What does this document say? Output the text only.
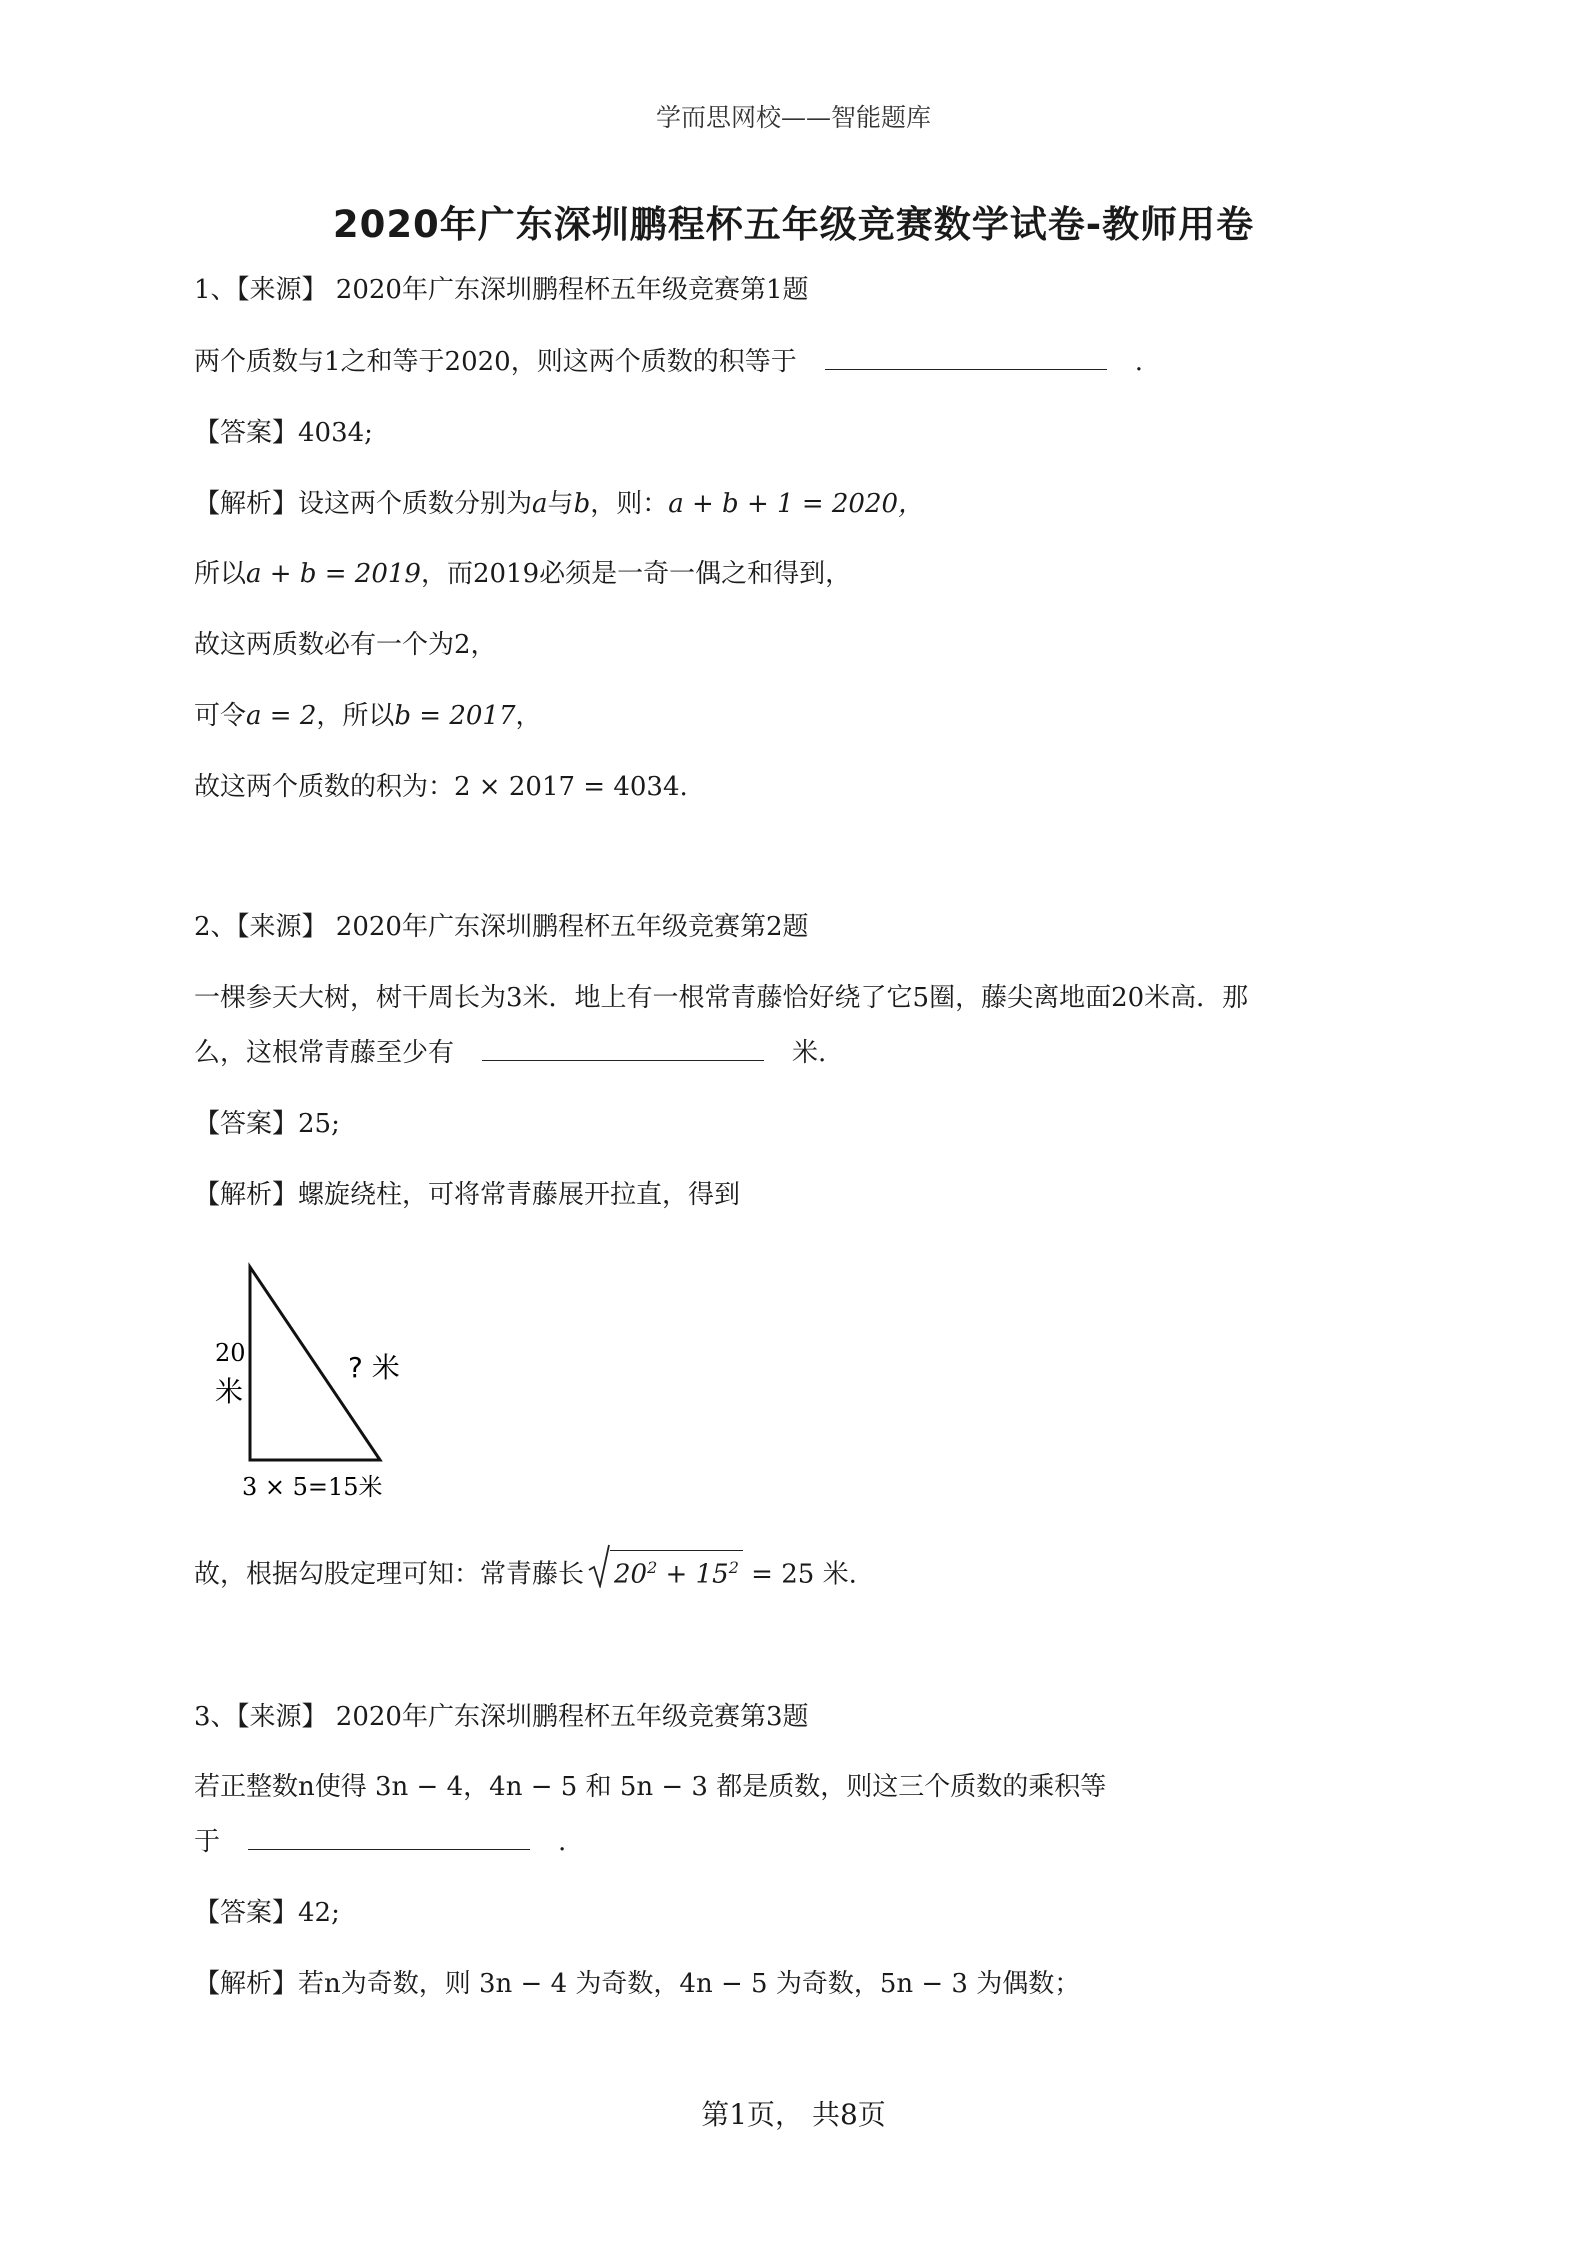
学而思网校——智能题库
2020年广东深圳鹏程杯五年级竞赛数学试卷-教师用卷
1、【来源】 2020年广东深圳鹏程杯五年级竞赛第1题
两个质数与1之和等于2020，则这两个质数的积等于	.
【答案】4034;
【解析】设这两个质数分别为a与b，则：a + b + 1 = 2020，
所以a + b = 2019，而2019必须是一奇一偶之和得到，
故这两质数必有一个为2，
可令a = 2，所以b = 2017，
故这两个质数的积为：2 × 2017 = 4034.
2、【来源】 2020年广东深圳鹏程杯五年级竞赛第2题
一棵参天大树，树干周长为3米．地上有一根常青藤恰好绕了它5圈，藤尖离地面20米高．那
么，这根常青藤至少有	米.
【答案】25;
【解析】螺旋绕柱，可将常青藤展开拉直，得到
20
米
? 米
3 × 5=15米
故，根据勾股定理可知：常青藤长 $20^2 + 15^2 = 25$ 米.
3、【来源】 2020年广东深圳鹏程杯五年级竞赛第3题
若正整数n使得 3n − 4，4n − 5 和 5n − 3 都是质数，则这三个质数的乘积等
于	.
【答案】42;
【解析】若n为奇数，则 3n − 4 为奇数，4n − 5 为奇数，5n − 3 为偶数；
第1页， 共8页
